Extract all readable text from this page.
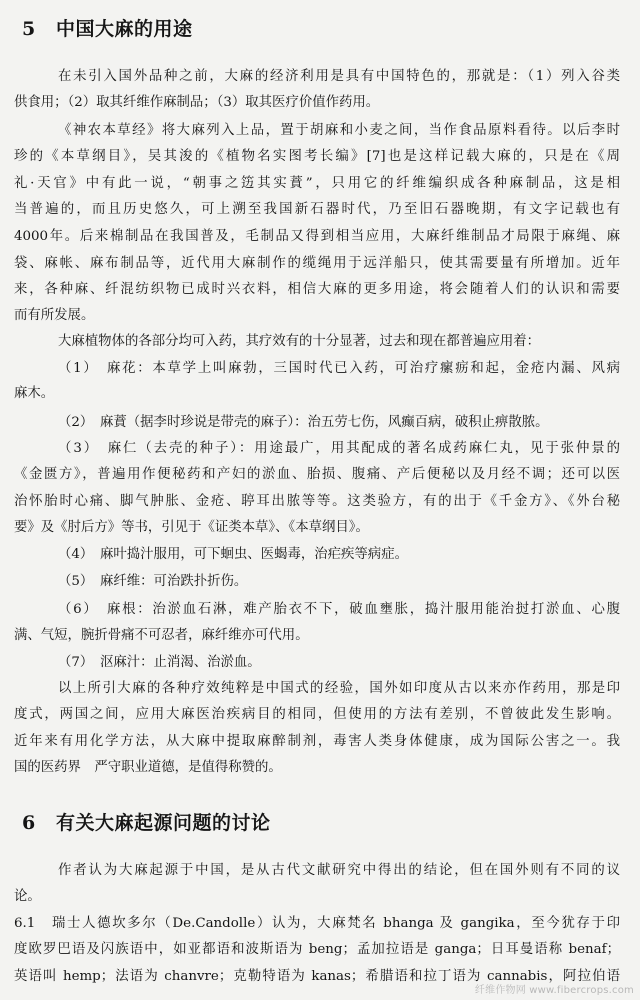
5 中国大麻的用途
在未引入国外品种之前，大麻的经济利用是具有中国特色的，那就是：（1）列入谷类
供食用；（2）取其纤维作麻制品；（3）取其医疗价值作药用。
《神农本草经》将大麻列入上品，置于胡麻和小麦之间，当作食品原料看待。以后李时
珍的《本草纲目》，吴其浚的《植物名实图考长编》[7]也是这样记载大麻的，只是在《周
礼·天官》中有此一说，“朝事之笾其实蕡”，只用它的纤维编织成各种麻制品，这是相
当普遍的，而且历史悠久，可上溯至我国新石器时代，乃至旧石器晚期，有文字记载也有
4000年。后来棉制品在我国普及，毛制品又得到相当应用，大麻纤维制品才局限于麻绳、麻
袋、麻帐、麻布制品等，近代用大麻制作的缆绳用于远洋船只，使其需要量有所增加。近年
来，各种麻、纤混纺织物已成时兴衣料，相信大麻的更多用途，将会随着人们的认识和需要
而有所发展。
大麻植物体的各部分均可入药，其疗效有的十分显著，过去和现在都普遍应用着：
（1）　麻花：本草学上叫麻勃，三国时代已入药，可治疗瘰疬和起，金疮内漏、风病
麻木。
（2）　麻蕡（据李时珍说是带壳的麻子）：治五劳七伤，风癫百病，破积止痹散脓。
（3）　麻仁（去壳的种子）：用途最广，用其配成的著名成药麻仁丸，见于张仲景的
《金匮方》，普遍用作便秘药和产妇的淤血、胎损、腹痛、产后便秘以及月经不调；还可以医
治怀胎时心痛、脚气肿胀、金疮、聤耳出脓等等。这类验方，有的出于《千金方》、《外台秘
要》及《肘后方》等书，引见于《证类本草》、《本草纲目》。
（4）　麻叶捣汁服用，可下蛔虫、医蝎毒，治疟疾等病症。
（5）　麻纤维：可治跌扑折伤。
（6）　麻根：治淤血石淋，难产胎衣不下，破血壅胀，捣汁服用能治挝打淤血、心腹
满、气短，腕折骨痛不可忍者，麻纤维亦可代用。
（7）　沤麻汁：止消渴、治淤血。
以上所引大麻的各种疗效纯粹是中国式的经验，国外如印度从古以来亦作药用，那是印
度式，两国之间，应用大麻医治疾病目的相同，但使用的方法有差别，不曾彼此发生影响。
近年来有用化学方法，从大麻中提取麻醉制剂，毒害人类身体健康，成为国际公害之一。我
国的医药界　严守职业道德，是值得称赞的。
6 有关大麻起源问题的讨论
作者认为大麻起源于中国，是从古代文献研究中得出的结论，但在国外则有不同的议
论。
6.1　瑞士人德坎多尔（De.Candolle）认为，大麻梵名 bhanga 及 gangika，至今犹存于印
度欧罗巴语及闪族语中，如亚都语和波斯语为 beng；孟加拉语是 ganga；日耳曼语称 benaf；
英语叫 hemp；法语为 chanvre；克勒特语为 kanas；希腊语和拉丁语为 cannabis，阿拉伯语
纤维作物网 www.fibercrops.com
